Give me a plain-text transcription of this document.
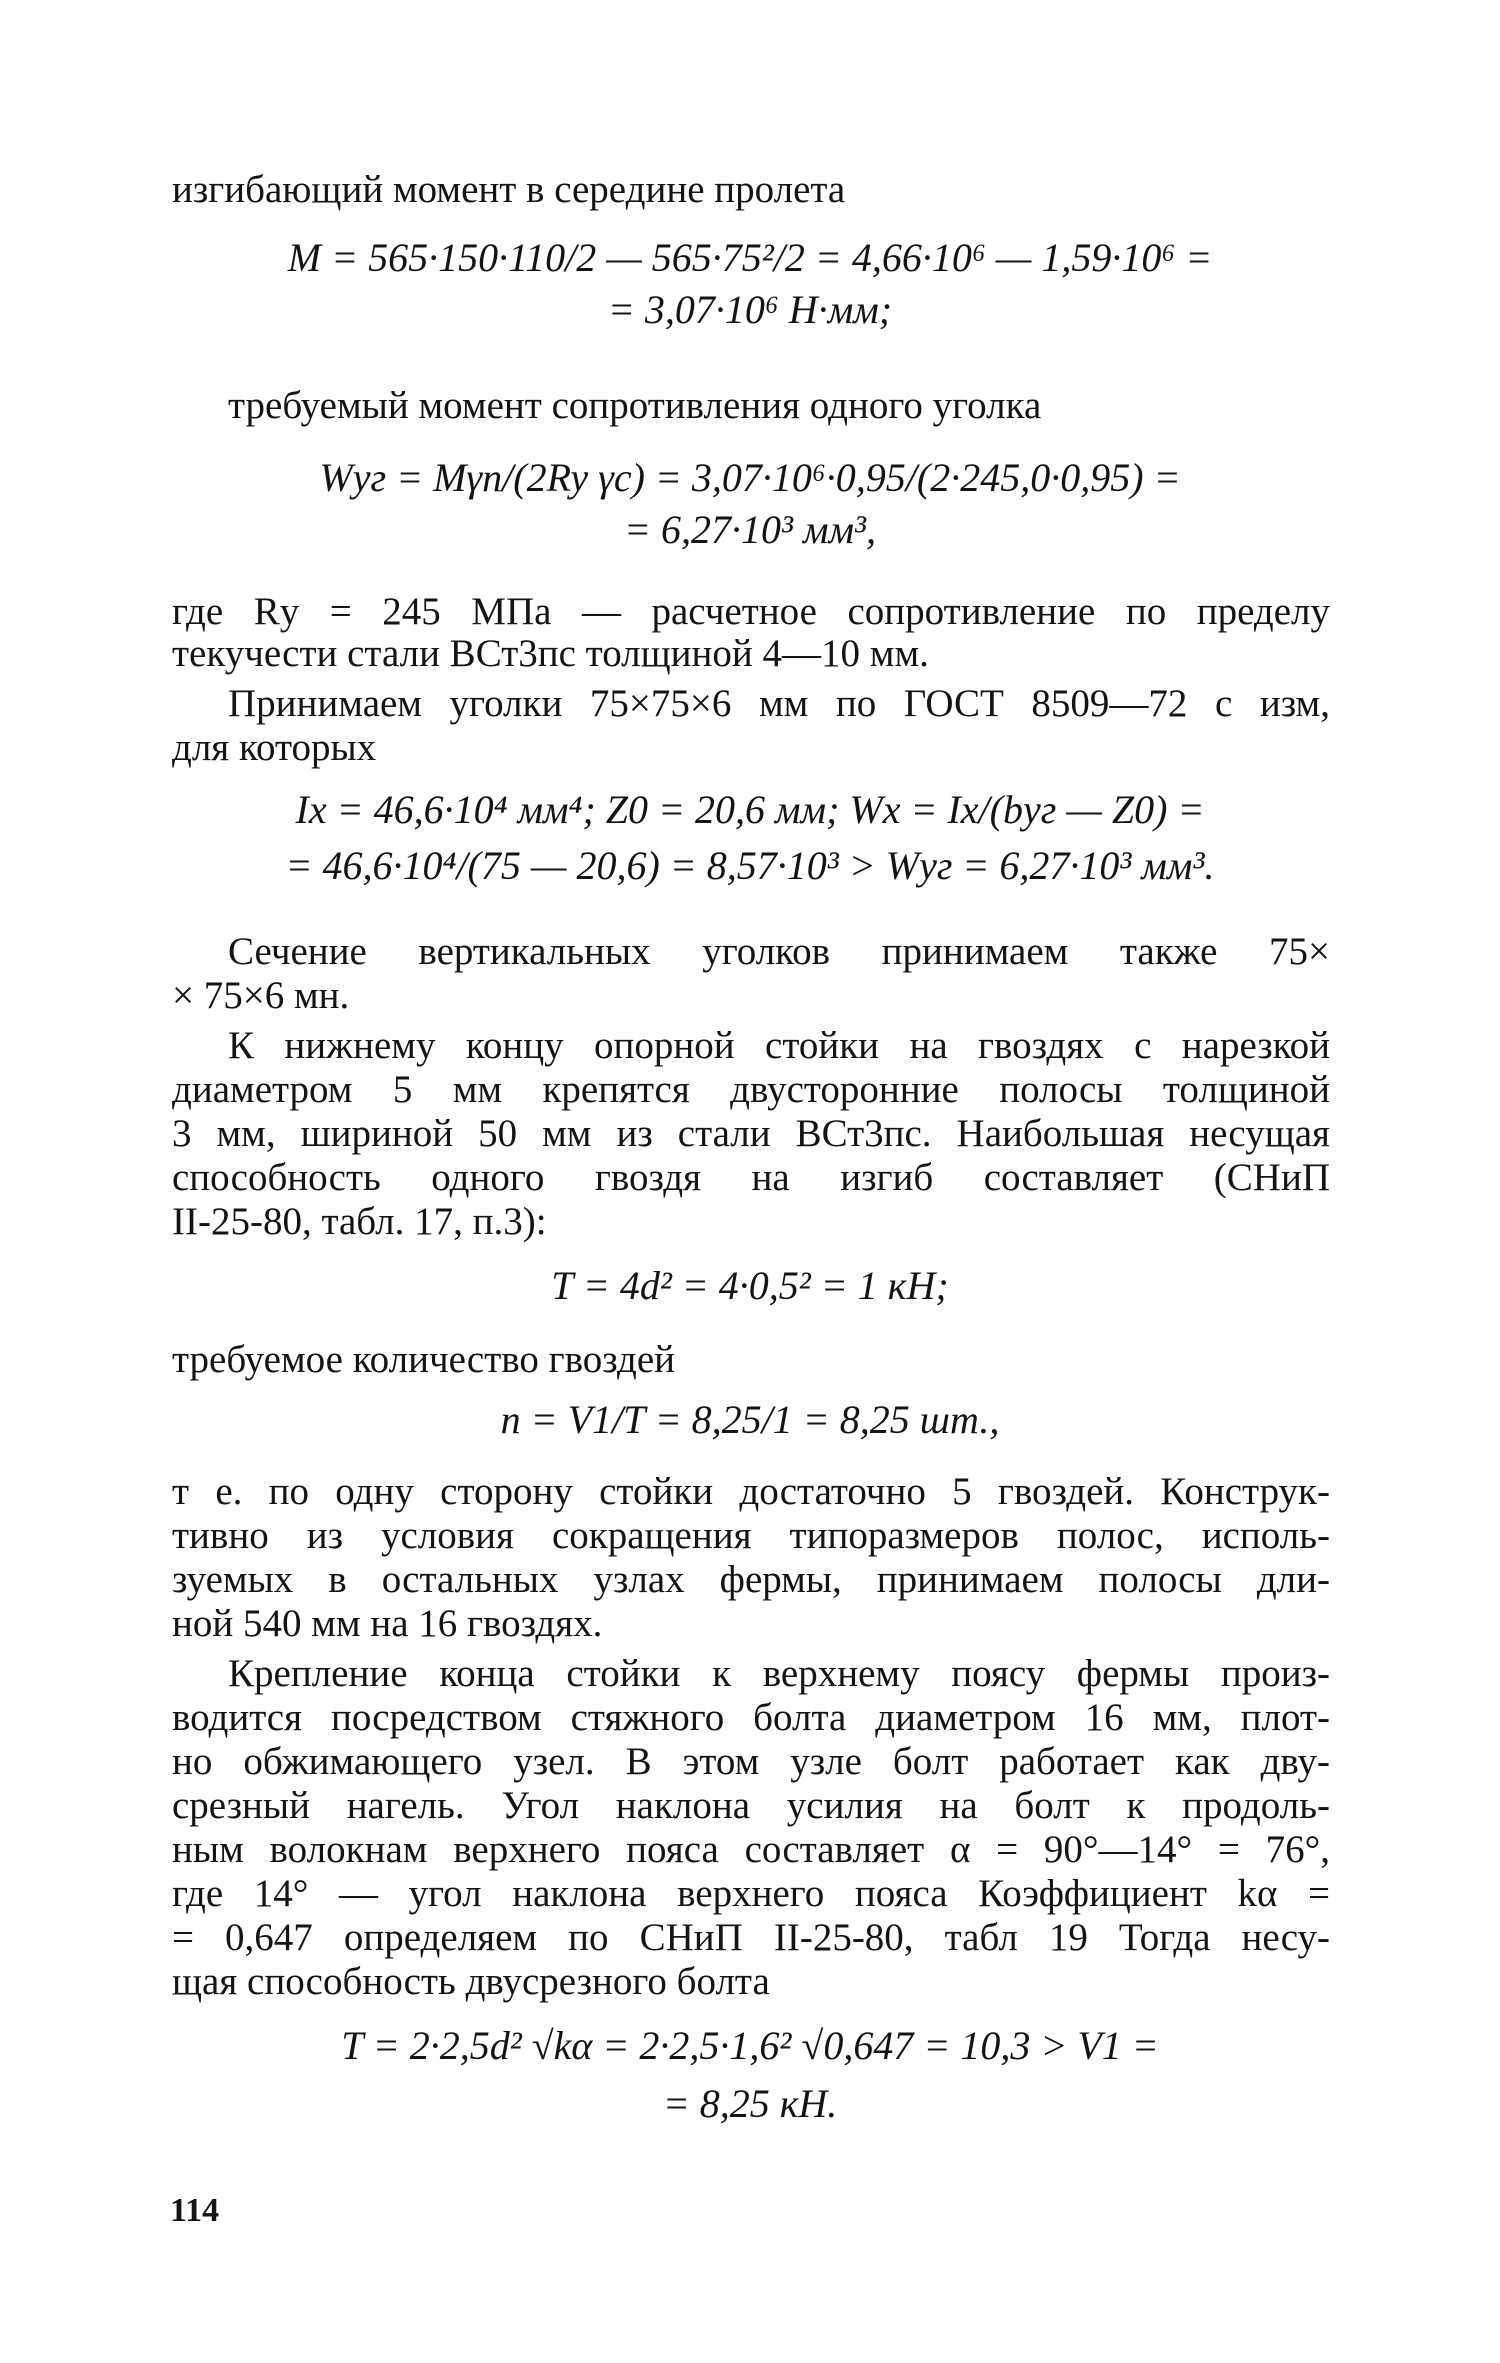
изгибающий момент в середине пролета
M = 565·150·110/2 — 565·75²/2 = 4,66·10⁶ — 1,59·10⁶ =
= 3,07·10⁶ Н·мм;
требуемый момент сопротивления одного уголка
Wуг = Mγn/(2Ry γc) = 3,07·10⁶·0,95/(2·245,0·0,95) =
= 6,27·10³ мм³,
где Rу = 245 МПа — расчетное сопротивление по пределу
текучести стали ВСт3пс толщиной 4—10 мм.
Принимаем уголки 75×75×6 мм по ГОСТ 8509—72 с изм,
для которых
Ix = 46,6·10⁴ мм⁴; Z0 = 20,6 мм; Wx = Ix/(bуг — Z0) =
= 46,6·10⁴/(75 — 20,6) = 8,57·10³ > Wуг = 6,27·10³ мм³.
Сечение вертикальных уголков принимаем также 75×
× 75×6 мн.
К нижнему концу опорной стойки на гвоздях с нарезкой
диаметром 5 мм крепятся двусторонние полосы толщиной
3 мм, шириной 50 мм из стали ВСт3пс. Наибольшая несущая
способность одного гвоздя на изгиб составляет (СНиП
II-25-80, табл. 17, п.3):
T = 4d² = 4·0,5² = 1 кН;
требуемое количество гвоздей
n = V1/T = 8,25/1 = 8,25 шт.,
т е. по одну сторону стойки достаточно 5 гвоздей. Конструк-
тивно из условия сокращения типоразмеров полос, исполь-
зуемых в остальных узлах фермы, принимаем полосы дли-
ной 540 мм на 16 гвоздях.
Крепление конца стойки к верхнему поясу фермы произ-
водится посредством стяжного болта диаметром 16 мм, плот-
но обжимающего узел. В этом узле болт работает как дву-
срезный нагель. Угол наклона усилия на болт к продоль-
ным волокнам верхнего пояса составляет α = 90°—14° = 76°,
где 14° — угол наклона верхнего пояса Коэффициент kα =
= 0,647 определяем по СНиП II-25-80, табл 19 Тогда несу-
щая способность двусрезного болта
T = 2·2,5d² √kα = 2·2,5·1,6² √0,647 = 10,3 > V1 =
= 8,25 кН.
114
